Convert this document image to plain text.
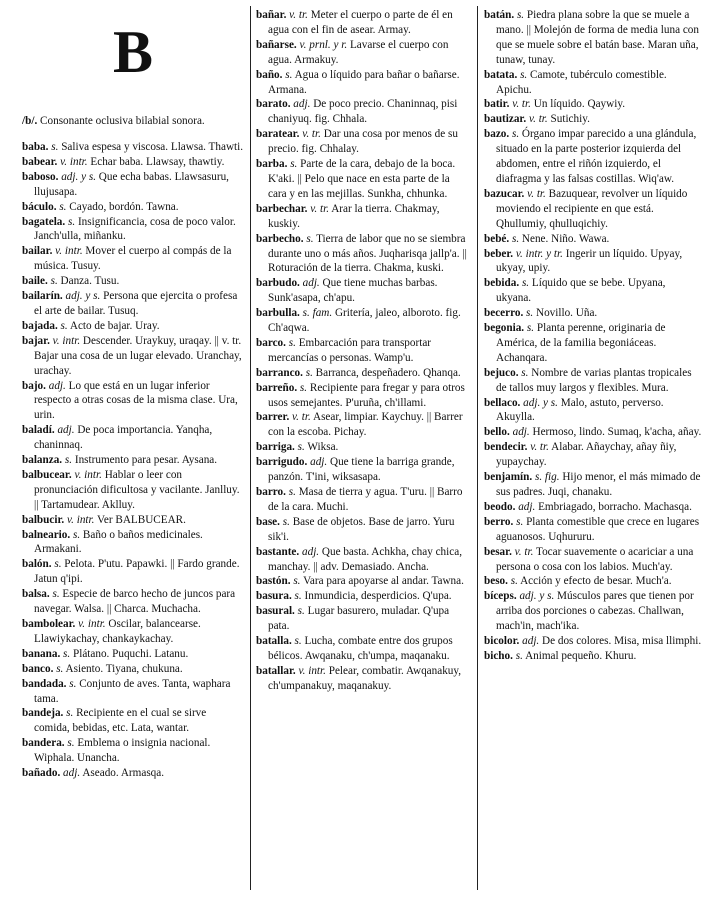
B

/b/. Consonante oclusiva bilabial sonora.

baba. s. Saliva espesa y viscosa. Llawsa. Thawti.

babear. v. intr. Echar baba. Llawsay, thawtiy.

baboso. adj. y s. Que echa babas. Llawsasuru, llujusapa.

báculo. s. Cayado, bordón. Tawna.

bagatela. s. Insignificancia, cosa de poco valor. Janch'ulla, miñanku.

bailar. v. intr. Mover el cuerpo al compás de la música. Tusuy.

baile. s. Danza. Tusu.

bailarín. adj. y s. Persona que ejercita o profesa el arte de bailar. Tusuq.

bajada. s. Acto de bajar. Uray.

bajar. v. intr. Descender. Uraykuy, uraqay. || v. tr. Bajar una cosa de un lugar elevado. Uranchay, urachay.

bajo. adj. Lo que está en un lugar inferior respecto a otras cosas de la misma clase. Ura, urin.

baladí. adj. De poca importancia. Yanqha, chaninnaq.

balanza. s. Instrumento para pesar. Aysana.

balbucear. v. intr. Hablar o leer con pronunciación dificultosa y vacilante. Janlluy. || Tartamudear. Aklluy.

balbucir. v. intr. Ver BALBUCEAR.

balneario. s. Baño o baños medicinales. Armakani.

balón. s. Pelota. P'utu. Papawki. || Fardo grande. Jatun q'ipi.

balsa. s. Especie de barco hecho de juncos para navegar. Walsa. || Charca. Muchacha.

bambolear. v. intr. Oscilar, balancearse. Llawiykachay, chankaykachay.

banana. s. Plátano. Puquchi. Latanu.

banco. s. Asiento. Tiyana, chukuna.

bandada. s. Conjunto de aves. Tanta, waphara tama.

bandeja. s. Recipiente en el cual se sirve comida, bebidas, etc. Lata, wantar.

bandera. s. Emblema o insignia nacional. Wiphala. Unancha.

bañado. adj. Aseado. Armasqa.

bañar. v. tr. Meter el cuerpo o parte de él en agua con el fin de asear. Armay.

bañarse. v. prnl. y r. Lavarse el cuerpo con agua. Armakuy.

baño. s. Agua o líquido para bañar o bañarse. Armana.

barato. adj. De poco precio. Chaninnaq, pisi chaniyuq. fig. Chhala.

baratear. v. tr. Dar una cosa por menos de su precio. fig. Chhalay.

barba. s. Parte de la cara, debajo de la boca. K'aki. || Pelo que nace en esta parte de la cara y en las mejillas. Sunkha, chhunka.

barbechar. v. tr. Arar la tierra. Chakmay, kuskiy.

barbecho. s. Tierra de labor que no se siembra durante uno o más años. Juqharisqa jallp'a. || Roturación de la tierra. Chakma, kuski.

barbudo. adj. Que tiene muchas barbas. Sunk'asapa, ch'apu.

barbulla. s. fam. Gritería, jaleo, alboroto. fig. Ch'aqwa.

barco. s. Embarcación para transportar mercancías o personas. Wamp'u.

barranco. s. Barranca, despeñadero. Qhanqa.

barreño. s. Recipiente para fregar y para otros usos semejantes. P'uruña, ch'illami.

barrer. v. tr. Asear, limpiar. Kaychuy. || Barrer con la escoba. Pichay.

barriga. s. Wiksa.

barrigudo. adj. Que tiene la barriga grande, panzón. T'ini, wiksasapa.

barro. s. Masa de tierra y agua. T'uru. || Barro de la cara. Muchi.

base. s. Base de objetos. Base de jarro. Yuru sik'i.

bastante. adj. Que basta. Achkha, chay chica, manchay. || adv. Demasiado. Ancha.

bastón. s. Vara para apoyarse al andar. Tawna.

basura. s. Inmundicia, desperdicios. Q'upa.

basural. s. Lugar basurero, muladar. Q'upa pata.

batalla. s. Lucha, combate entre dos grupos bélicos. Awqanaku, ch'umpa, maqanaku.

batallar. v. intr. Pelear, combatir. Awqanakuy, ch'umpanakuy, maqanakuy.

batán. s. Piedra plana sobre la que se muele a mano. || Molejón de forma de media luna con que se muele sobre el batán base. Maran uña, tunaw, tunay.

batata. s. Camote, tubérculo comestible. Apichu.

batir. v. tr. Un líquido. Qaywiy.

bautizar. v. tr. Sutichiy.

bazo. s. Órgano impar parecido a una glándula, situado en la parte posterior izquierda del abdomen, entre el riñón izquierdo, el diafragma y las falsas costillas. Wiq'aw.

bazucar. v. tr. Bazuquear, revolver un líquido moviendo el recipiente en que está. Qhullumiy, qhulluqichiy.

bebé. s. Nene. Niño. Wawa.

beber. v. intr. y tr. Ingerir un líquido. Upyay, ukyay, upiy.

bebida. s. Líquido que se bebe. Upyana, ukyana.

becerro. s. Novillo. Uña.

begonia. s. Planta perenne, originaria de América, de la familia begoniáceas. Achanqara.

bejuco. s. Nombre de varias plantas tropicales de tallos muy largos y flexibles. Mura.

bellaco. adj. y s. Malo, astuto, perverso. Akuylla.

bello. adj. Hermoso, lindo. Sumaq, k'acha, añay.

bendecir. v. tr. Alabar. Añaychay, añay ñiy, yupaychay.

benjamín. s. fig. Hijo menor, el más mimado de sus padres. Juqi, chanaku.

beodo. adj. Embriagado, borracho. Machasqa.

berro. s. Planta comestible que crece en lugares aguanosos. Uqhururu.

besar. v. tr. Tocar suavemente o acariciar a una persona o cosa con los labios. Much'ay.

beso. s. Acción y efecto de besar. Much'a.

bíceps. adj. y s. Músculos pares que tienen por arriba dos porciones o cabezas. Challwan, mach'in, mach'ika.

bicolor. adj. De dos colores. Misa, misa llimphi.

bicho. s. Animal pequeño. Khuru.
